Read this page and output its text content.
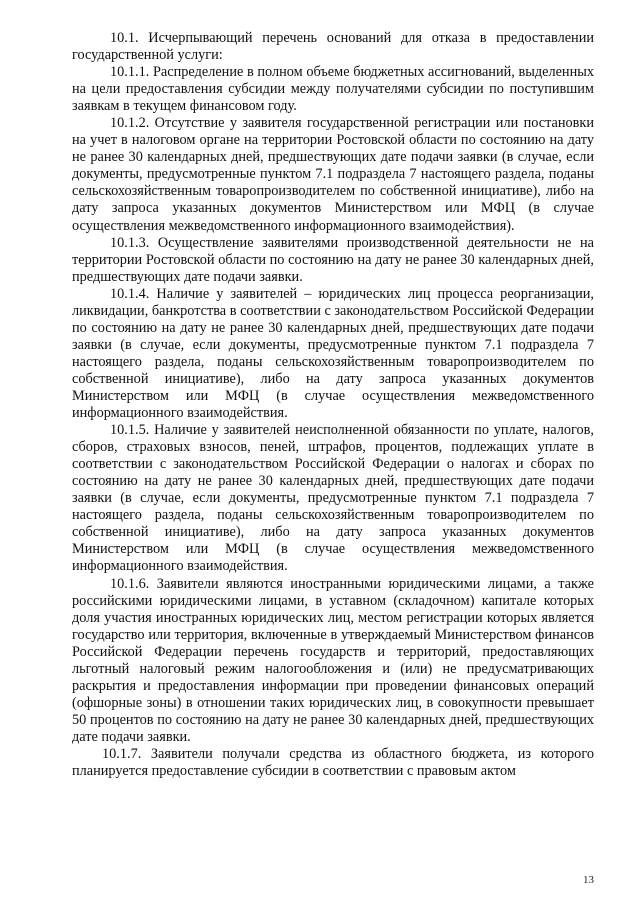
10.1. Исчерпывающий перечень оснований для отказа в предоставлении государственной услуги:

10.1.1. Распределение в полном объеме бюджетных ассигнований, выделенных на цели предоставления субсидии между получателями субсидии по поступившим заявкам в текущем финансовом году.

10.1.2. Отсутствие у заявителя государственной регистрации или постановки на учет в налоговом органе на территории Ростовской области по состоянию на дату не ранее 30 календарных дней, предшествующих дате подачи заявки (в случае, если документы, предусмотренные пунктом 7.1 подраздела 7 настоящего раздела, поданы сельскохозяйственным товаропроизводителем по собственной инициативе), либо на дату запроса указанных документов Министерством или МФЦ (в случае осуществления межведомственного информационного взаимодействия).

10.1.3. Осуществление заявителями производственной деятельности не на территории Ростовской области по состоянию на дату не ранее 30 календарных дней, предшествующих дате подачи заявки.

10.1.4. Наличие у заявителей – юридических лиц процесса реорганизации, ликвидации, банкротства в соответствии с законодательством Российской Федерации по состоянию на дату не ранее 30 календарных дней, предшествующих дате подачи заявки (в случае, если документы, предусмотренные пунктом 7.1 подраздела 7 настоящего раздела, поданы сельскохозяйственным товаропроизводителем по собственной инициативе), либо на дату запроса указанных документов Министерством или МФЦ (в случае осуществления межведомственного информационного взаимодействия.

10.1.5. Наличие у заявителей неисполненной обязанности по уплате, налогов, сборов, страховых взносов, пеней, штрафов, процентов, подлежащих уплате в соответствии с законодательством Российской Федерации о налогах и сборах по состоянию на дату не ранее 30 календарных дней, предшествующих дате подачи заявки (в случае, если документы, предусмотренные пунктом 7.1 подраздела 7 настоящего раздела, поданы сельскохозяйственным товаропроизводителем по собственной инициативе), либо на дату запроса указанных документов Министерством или МФЦ (в случае осуществления межведомственного информационного взаимодействия.

10.1.6. Заявители являются иностранными юридическими лицами, а также российскими юридическими лицами, в уставном (складочном) капитале которых доля участия иностранных юридических лиц, местом регистрации которых является государство или территория, включенные в утверждаемый Министерством финансов Российской Федерации перечень государств и территорий, предоставляющих льготный налоговый режим налогообложения и (или) не предусматривающих раскрытия и предоставления информации при проведении финансовых операций (офшорные зоны) в отношении таких юридических лиц, в совокупности превышает 50 процентов по состоянию на дату не ранее 30 календарных дней, предшествующих дате подачи заявки.

10.1.7. Заявители получали средства из областного бюджета, из которого планируется предоставление субсидии в соответствии с правовым актом

13
